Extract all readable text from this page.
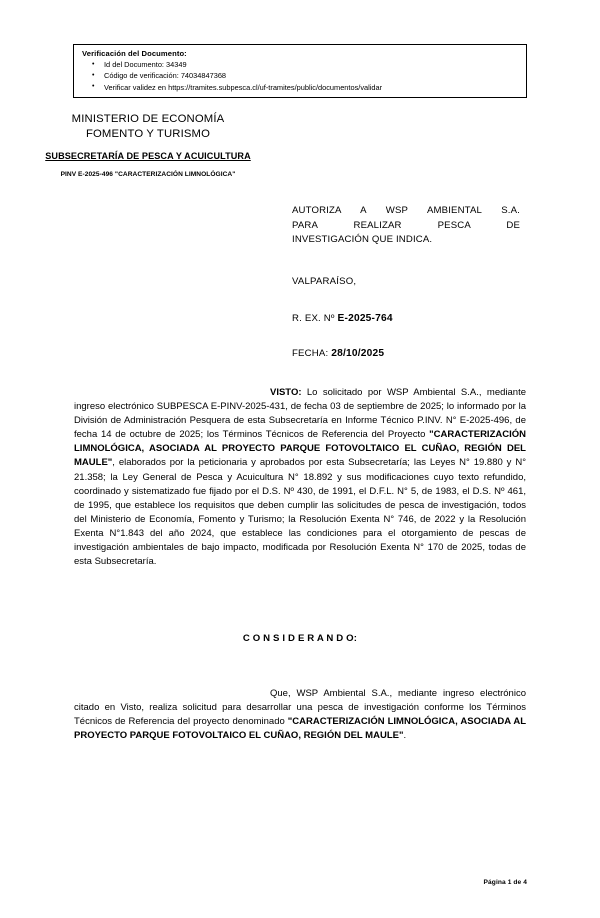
Verificación del Documento:
• Id del Documento: 34349
• Código de verificación: 74034847368
• Verificar validez en https://tramites.subpesca.cl/uf-tramites/public/documentos/validar
MINISTERIO DE ECONOMÍA
FOMENTO Y TURISMO
SUBSECRETARÍA DE PESCA Y ACUICULTURA
PINV E-2025-496 "CARACTERIZACIÓN LIMNOLÓGICA"
AUTORIZA A WSP AMBIENTAL S.A.
PARA REALIZAR PESCA DE
INVESTIGACIÓN QUE INDICA.
VALPARAÍSO,
R. EX. Nº E-2025-764
FECHA: 28/10/2025
VISTO: Lo solicitado por WSP Ambiental S.A., mediante ingreso electrónico SUBPESCA E-PINV-2025-431, de fecha 03 de septiembre de 2025; lo informado por la División de Administración Pesquera de esta Subsecretaría en Informe Técnico P.INV. N° E-2025-496, de fecha 14 de octubre de 2025; los Términos Técnicos de Referencia del Proyecto "CARACTERIZACIÓN LIMNOLÓGICA, ASOCIADA AL PROYECTO PARQUE FOTOVOLTAICO EL CUÑAO, REGIÓN DEL MAULE", elaborados por la peticionaria y aprobados por esta Subsecretaría; las Leyes N° 19.880 y N° 21.358; la Ley General de Pesca y Acuicultura N° 18.892 y sus modificaciones cuyo texto refundido, coordinado y sistematizado fue fijado por el D.S. Nº 430, de 1991, el D.F.L. N° 5, de 1983, el D.S. Nº 461, de 1995, que establece los requisitos que deben cumplir las solicitudes de pesca de investigación, todos del Ministerio de Economía, Fomento y Turismo; la Resolución Exenta N° 746, de 2022 y la Resolución Exenta N°1.843 del año 2024, que establece las condiciones para el otorgamiento de pescas de investigación ambientales de bajo impacto, modificada por Resolución Exenta N° 170 de 2025, todas de esta Subsecretaría.
C O N S I D E R A N D O:
Que, WSP Ambiental S.A., mediante ingreso electrónico citado en Visto, realiza solicitud para desarrollar una pesca de investigación conforme los Términos Técnicos de Referencia del proyecto denominado "CARACTERIZACIÓN LIMNOLÓGICA, ASOCIADA AL PROYECTO PARQUE FOTOVOLTAICO EL CUÑAO, REGIÓN DEL MAULE".
Página 1 de 4
